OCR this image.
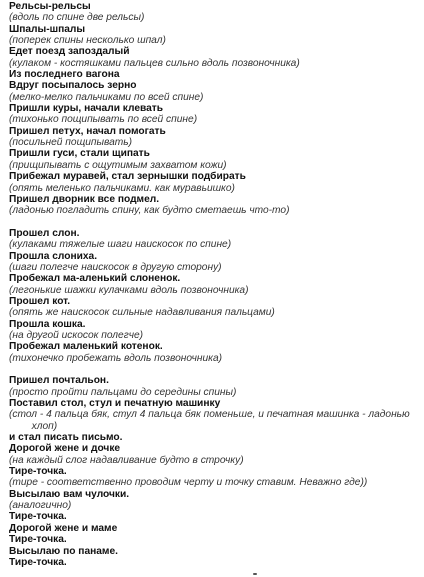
Рельсы-рельсы
(вдоль по спине две рельсы)
Шпалы-шпалы
(поперек спины несколько шпал)
Едет поезд запоздалый
(кулаком - костяшками пальцев сильно вдоль позвоночника)
Из последнего вагона
Вдруг посыпалось зерно
(мелко-мелко пальчиками по всей спине)
Пришли куры, начали клевать
(тихонько пощипывать по всей спине)
Пришел петух, начал помогать
(посильней пощипывать)
Пришли гуси, стали щипать
(прищипывать с ощутимым захватом кожи)
Прибежал муравей, стал зернышки подбирать
(опять меленько пальчиками. как муравьишко)
Пришел дворник все подмел.
(ладонью погладить спину, как будто сметаешь что-то)
Прошел слон.
(кулаками тяжелые шаги наискосок по спине)
Прошла слониха.
(шаги полегче наискосок в другую сторону)
Пробежал ма-аленький слоненок.
(легонькие шажки кулачками вдоль позвоночника)
Прошел кот.
(опять же наискосок сильные надавливания пальцами)
Прошла кошка.
(на другой искосок полегче)
Пробежал маленький котенок.
(тихонечко пробежать вдоль позвоночника)
Пришел почтальон.
(просто пройти пальцами до середины спины)
Поставил стол, стул и печатную машинку
(стол - 4 пальца бяк, стул 4 пальца бяк поменьше, и печатная машинка - ладонью
хлоп)
и стал писать письмо.
Дорогой жене и дочке
(на каждый слог надавливание будто в строчку)
Тире-точка.
(тире - соответственно проводим черту и точку ставим. Неважно где))
Высылаю вам чулочки.
(аналогично)
Тире-точка.
Дорогой жене и маме
Тире-точка.
Высылаю по панаме.
Тире-точка.
